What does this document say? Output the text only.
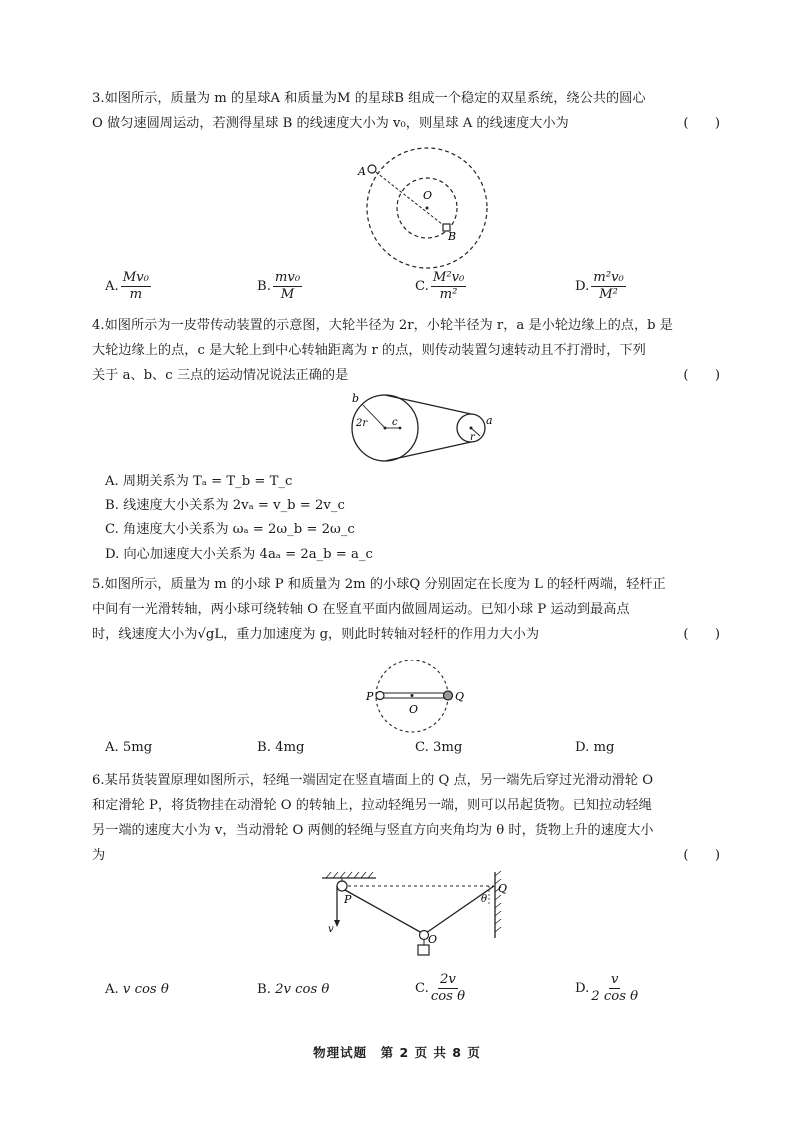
3.如图所示，质量为 m 的星球A 和质量为M 的星球B 组成一个稳定的双星系统，绕公共的圆心

O 做匀速圆周运动，若测得星球 B 的线速度大小为 v₀，则星球 A 的线速度大小为	(　　)

A
O
B
A. $\frac{\text{Mv₀}}{m}$	B. $\frac{\text{mv₀}}{M}$	C. $\frac{\text{M²v₀}}{\text{m²}}$	D. $\frac{\text{m²v₀}}{\text{M²}}$

4.如图所示为一皮带传动装置的示意图，大轮半径为 2r，小轮半径为 r，a 是小轮边缘上的点，b 是

大轮边缘上的点，c 是大轮上到中心转轴距离为 r 的点，则传动装置匀速转动且不打滑时，下列

关于 a、b、c 三点的运动情况说法正确的是	(　　)

b
2r c	a
r
A. 周期关系为 Tₐ = T_b = T_c
B. 线速度大小关系为 2vₐ = v_b = 2v_c
C. 角速度大小关系为 ωₐ = 2ω_b = 2ω_c
D. 向心加速度大小关系为 4aₐ = 2a_b = a_c

5.如图所示，质量为 m 的小球 P 和质量为 2m 的小球Q 分别固定在长度为 L 的轻杆两端，轻杆正

中间有一光滑转轴，两小球可绕转轴 O 在竖直平面内做圆周运动。已知小球 P 运动到最高点

时，线速度大小为√gL，重力加速度为 g，则此时转轴对轻杆的作用力大小为	(　　)

P
O
Q
A. 5mg	B. 4mg	C. 3mg	D. mg

6.某吊货装置原理如图所示，轻绳一端固定在竖直墙面上的 Q 点，另一端先后穿过光滑动滑轮 O

和定滑轮 P，将货物挂在动滑轮 O 的转轴上，拉动轻绳另一端，则可以吊起货物。已知拉动轻绳

另一端的速度大小为 v，当动滑轮 O 两侧的轻绳与竖直方向夹角均为 θ 时，货物上升的速度大小

为	(　　)

P
Q
θ
v
O
A. v cos θ	B. 2v cos θ	C. $\frac{2v}{\text{cos θ}}$	D. $\frac{v}{\text{2 cos θ}}$
物理试题　第 2 页 共 8 页
